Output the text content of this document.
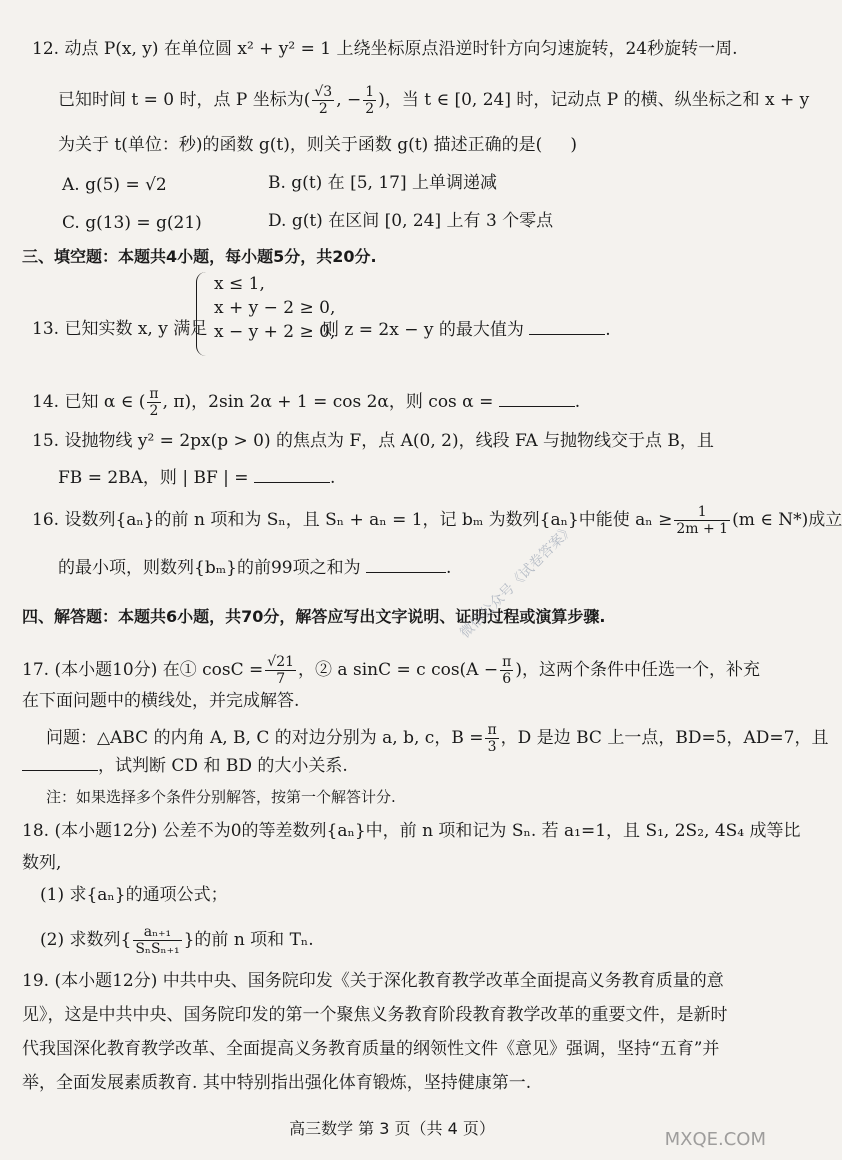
12. 动点 P(x, y) 在单位圆 x² + y² = 1 上绕坐标原点沿逆时针方向匀速旋转，24秒旋转一周.
已知时间 t = 0 时，点 P 坐标为( $\frac{√3}{2}$ , − $\frac{1}{2}$ )，当 t ∈ [0, 24] 时，记动点 P 的横、纵坐标之和 x + y
为关于 t(单位：秒)的函数 g(t)，则关于函数 g(t) 描述正确的是( )
A. g(5) = √2	B. g(t) 在 [5, 17] 上单调递减
C. g(13) = g(21)	D. g(t) 在区间 [0, 24] 上有 3 个零点
三、填空题：本题共4小题，每小题5分，共20分.
x ≤ 1,
x + y − 2 ≥ 0,
x − y + 2 ≥ 0,
13. 已知实数 x, y 满足	则 z = 2x − y 的最大值为	.
14. 已知 α ∈ ( $\frac{\pi}{2}$ , π)，2sin 2α + 1 = cos 2α，则 cos α =	.
15. 设抛物线 y² = 2px(p > 0) 的焦点为 F，点 A(0, 2)，线段 FA 与抛物线交于点 B，且
FB = 2BA，则 | BF | =	.
16. 设数列{aₙ}的前 n 项和为 Sₙ，且 Sₙ + aₙ = 1，记 bₘ 为数列{aₙ}中能使 $a_n \ge \frac{1}{2m + 1} (m$ ∈ N*)成立
的最小项，则数列{bₘ}的前99项之和为	.
四、解答题：本题共6小题，共70分，解答应写出文字说明、证明过程或演算步骤.
17. (本小题10分) 在① $\cos C = \frac{√21}{7}$ ，② a sinC = c $\cos(A - \frac{\pi}{6}$ )，这两个条件中任选一个，补充
在下面问题中的横线处，并完成解答.
问题：△ABC 的内角 A, B, C 的对边分别为 a, b, c，$B = \frac{\pi}{3}$ ，D 是边 BC 上一点，BD=5，AD=7，且
，试判断 CD 和 BD 的大小关系.
注：如果选择多个条件分别解答，按第一个解答计分.
18. (本小题12分) 公差不为0的等差数列{aₙ}中，前 n 项和记为 Sₙ. 若 a₁=1，且 S₁, 2S₂, 4S₄ 成等比
数列,
(1) 求{aₙ}的通项公式；
(2) 求数列{ $\frac{\text{aₙ₊₁}}{\text{SₙSₙ₊₁}}$ }的前 n 项和 Tₙ.
19. (本小题12分) 中共中央、国务院印发《关于深化教育教学改革全面提高义务教育质量的意
见》，这是中共中央、国务院印发的第一个聚焦义务教育阶段教育教学改革的重要文件，是新时
代我国深化教育教学改革、全面提高义务教育质量的纲领性文件《意见》强调，坚持“五育”并
举，全面发展素质教育. 其中特别指出强化体育锻炼，坚持健康第一.
高三数学 第 3 页（共 4 页）
微信公众号《试卷答案》
MXQE.COM
